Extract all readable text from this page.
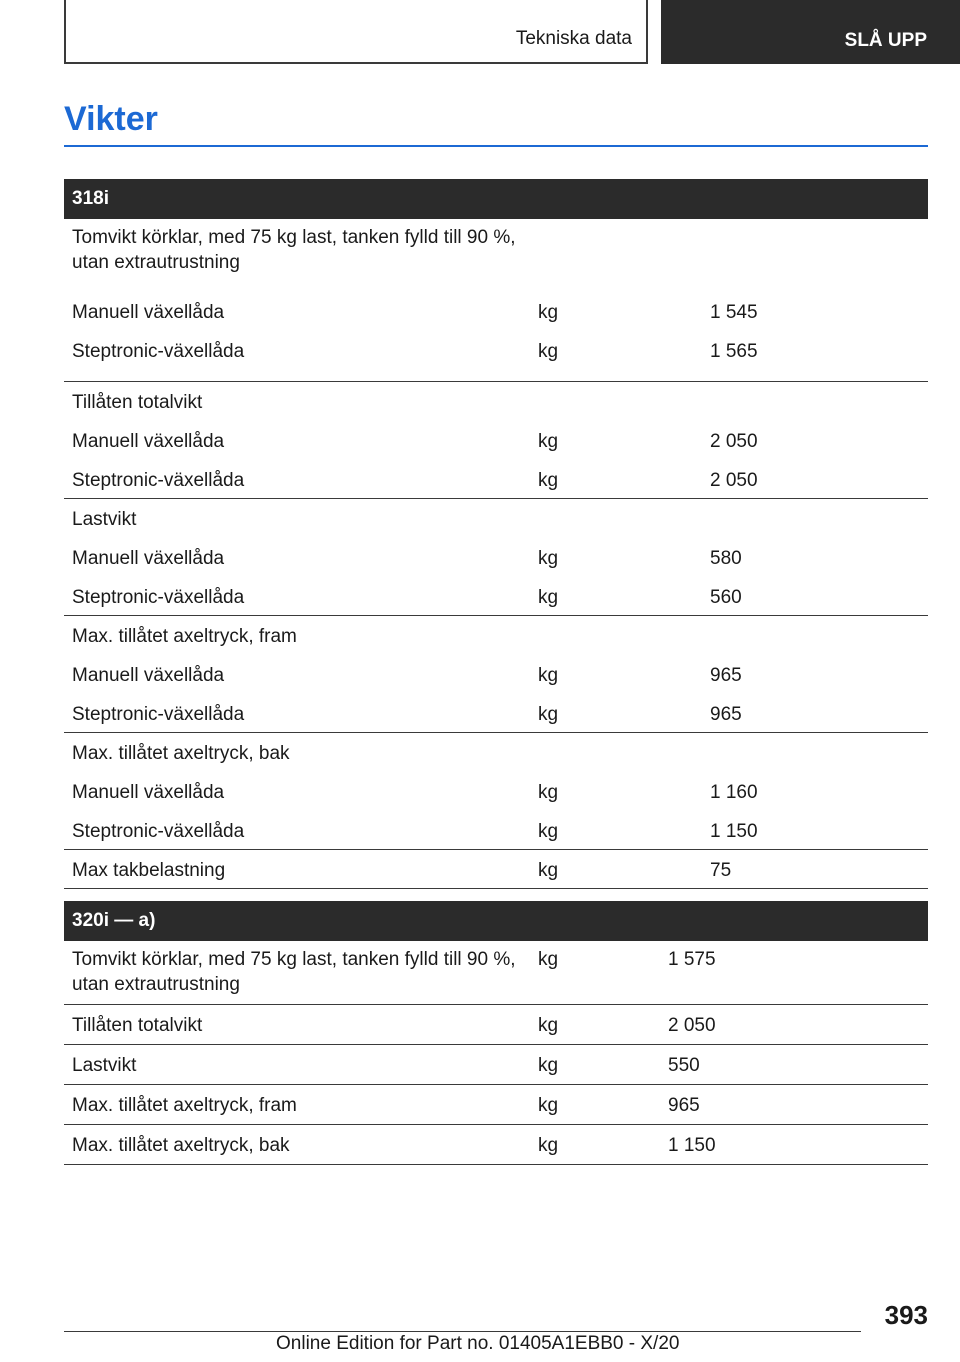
Tekniska data	SLÅ UPP
Vikter
318i
Tomvikt körklar, med 75 kg last, tanken fylld till 90 %,
utan extrautrustning
Manuell växellåda	kg	1 545
Steptronic-växellåda	kg	1 565
Tillåten totalvikt
Manuell växellåda	kg	2 050
Steptronic-växellåda	kg	2 050
Lastvikt
Manuell växellåda	kg	580
Steptronic-växellåda	kg	560
Max. tillåtet axeltryck, fram
Manuell växellåda	kg	965
Steptronic-växellåda	kg	965
Max. tillåtet axeltryck, bak
Manuell växellåda	kg	1 160
Steptronic-växellåda	kg	1 150
Max takbelastning	kg	75
320i — a)
Tomvikt körklar, med 75 kg last, tanken fylld till 90 %,
utan extrautrustning
kg	1 575
Tillåten totalvikt	kg	2 050
Lastvikt	kg	550
Max. tillåtet axeltryck, fram	kg	965
Max. tillåtet axeltryck, bak	kg	1 150
393
Online Edition for Part no. 01405A1EBB0 - X/20
